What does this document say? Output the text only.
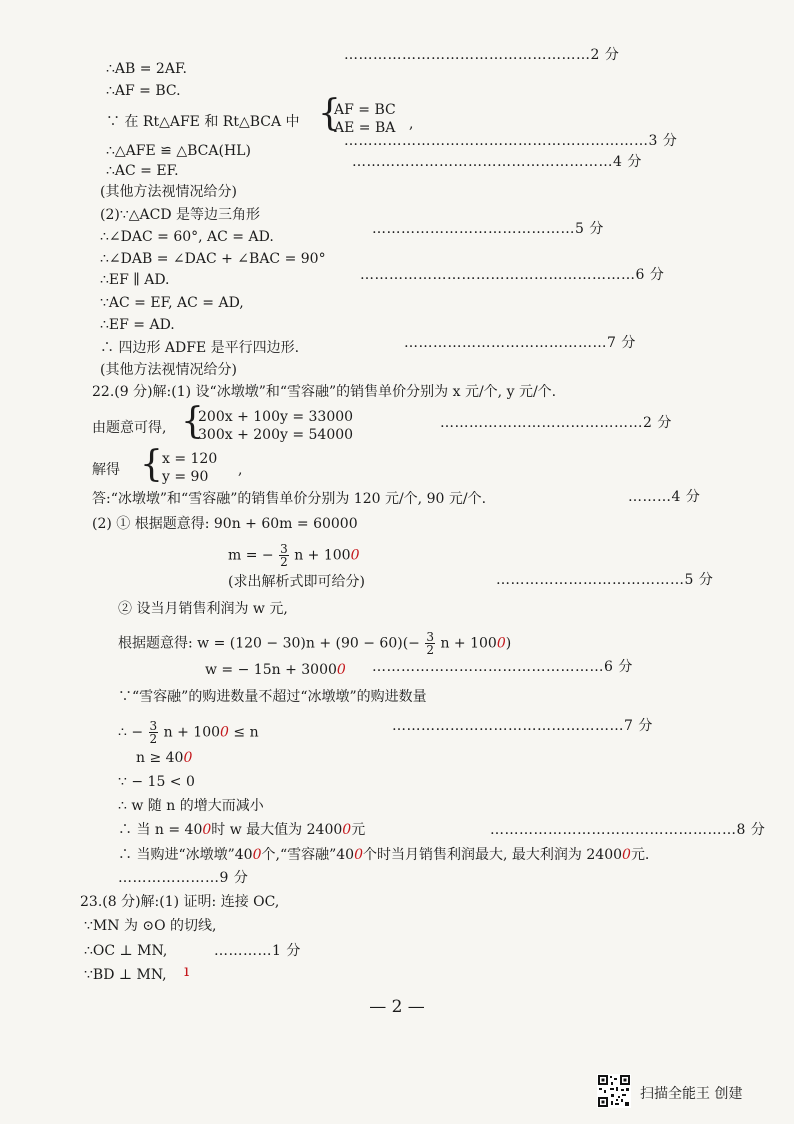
∴AB = 2AF.
……………………………………………2 分
∴AF = BC.
∵ 在 Rt△AFE 和 Rt△BCA 中 {
AF = BC
AE = BA ,
………………………………………………………3 分
∴△AFE ≌ △BCA(HL)
∴AC = EF.
………………………………………………4 分
(其他方法视情况给分)
(2)∵△ACD 是等边三角形
∴∠DAC = 60°, AC = AD.	……………………………………5 分
∴∠DAB = ∠DAC + ∠BAC = 90°
∴EF ∥ AD.	…………………………………………………6 分
∵AC = EF, AC = AD,
∴EF = AD.
∴ 四边形 ADFE 是平行四边形.	……………………………………7 分
(其他方法视情况给分)
22.(9 分)解:(1) 设“冰墩墩”和“雪容融”的销售单价分别为 x 元/个, y 元/个.
由题意可得, {
200x + 100y = 33000
300x + 200y = 54000
……………………………………2 分
解得 { x = 120
y = 90	,
答:“冰墩墩”和“雪容融”的销售单价分别为 120 元/个, 90 元/个.	………4 分
(2) ① 根据题意得: 90n + 60m = 60000
m = − $\frac{3}{2}$ n + 1000
(求出解析式即可给分)	…………………………………5 分
② 设当月销售利润为 w 元,
根据题意得: $w = (120 - 30)n + (90 - 60)(- \frac{3}{2}$ n + 1000)
w = − 15n + 30000 …………………………………………6 分
∵“雪容融”的购进数量不超过“冰墩墩”的购进数量
∴ − $\frac{3}{2}$ n + 1000 ≤ n	…………………………………………7 分
n ≥ 400
∵ − 15 < 0
∴ w 随 n 的增大而减小
∴ 当 n = 400时 w 最大值为 24000元	……………………………………………8 分
∴ 当购进“冰墩墩”400个,“雪容融”400个时当月销售利润最大, 最大利润为 24000元.
…………………9 分
23.(8 分)解:(1) 证明: 连接 OC,
∵MN 为 ⊙O 的切线,
∴OC ⊥ MN,	…………1 分
∵BD ⊥ MN, ı
— 2 —
扫描全能王 创建
